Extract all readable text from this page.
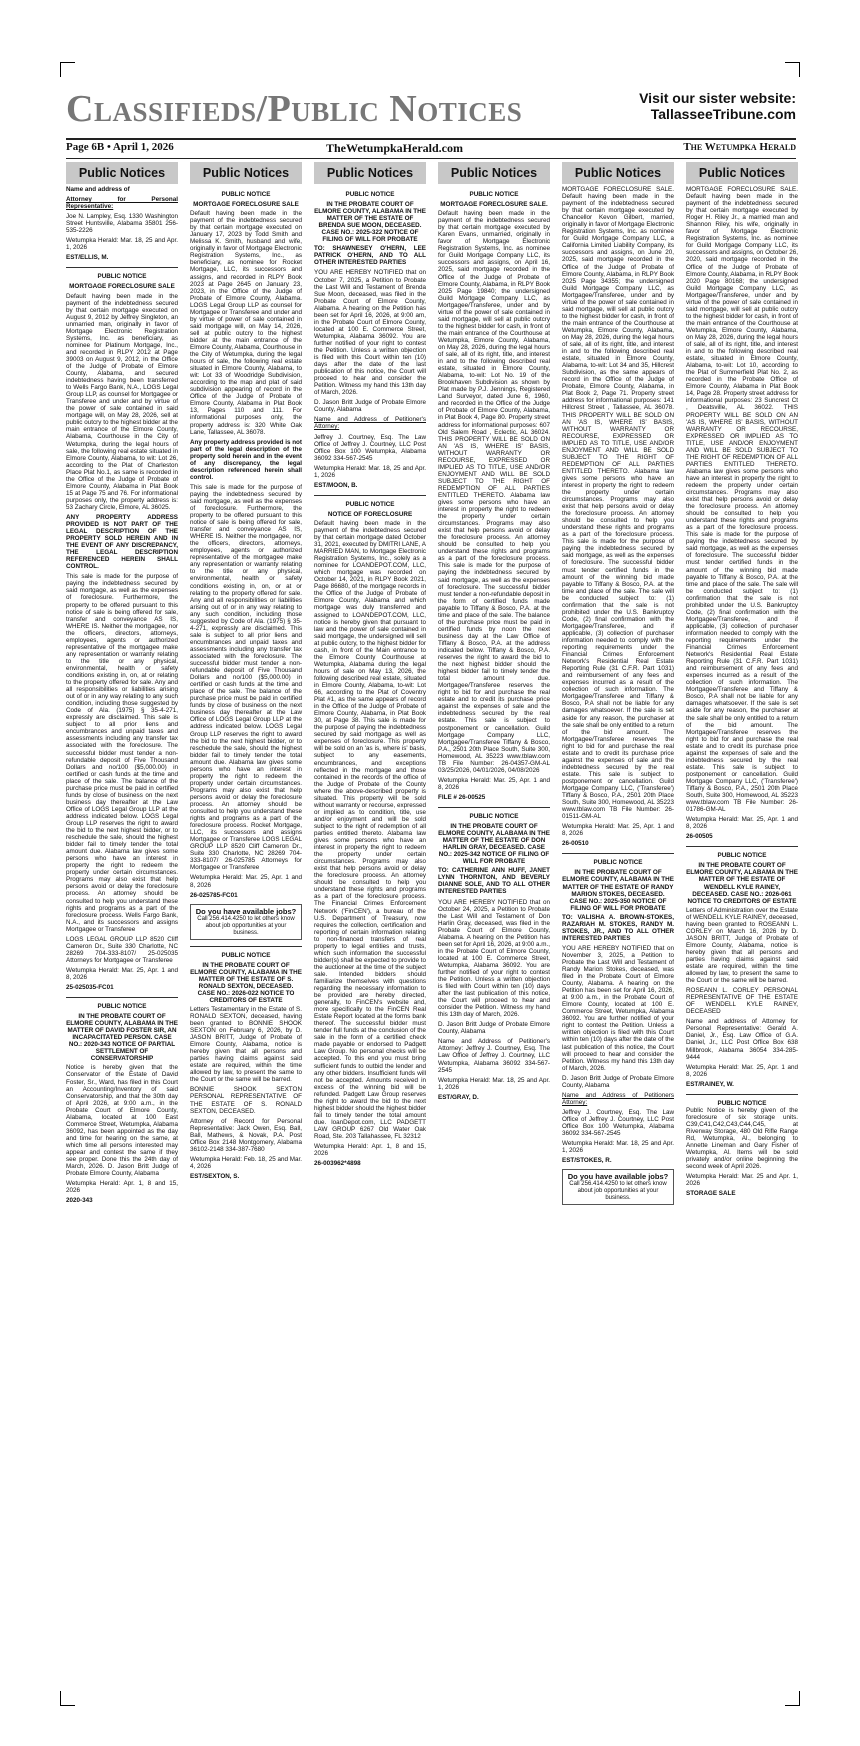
Classifieds/Public Notices	Visit our sister website:
TallasseeTribune.com
Page 6B • April 1, 2026	TheWetumpkaHerald.com	The Wetumpka Herald
Public Notices

Name and address of

Attorney for Personal Representative:

Joe N. Lampley, Esq. 1330 Washington Street Huntsville, Alabama 35801 256-535-2226

Wetumpka Herald: Mar. 18, 25 and Apr. 1, 2026

EST/ELLIS, M.

PUBLIC NOTICE
MORTGAGE FORECLOSURE SALE

Default having been made in the payment of the indebtedness secured by that certain mortgage executed on August 9, 2012 by Jeffrey Singleton, an unmarried man, originally in favor of Mortgage Electronic Registration Systems, Inc. as beneficiary, as nominee for Platinum Mortgage, Inc., and recorded in RLPY 2012 at Page 39003 on August 9, 2012, in the Office of the Judge of Probate of Elmore County, Alabama, and secured indebtedness having been transferred to Wells Fargo Bank, N.A., LOGS Legal Group LLP, as counsel for Mortgagee or Transferee and under and by virtue of the power of sale contained in said mortgage will, on May 28, 2026, sell at public outcry to the highest bidder at the main entrance of the Elmore County, Alabama, Courthouse in the City of Wetumpka, during the legal hours of sale, the following real estate situated in Elmore County, Alabama, to wit: Lot 26, according to the Plat of Charleston Place Plat No.1, as same is recorded in the Office of the Judge of Probate of Elmore County, Alabama in Plat Book 15 at Page 75 and 76. For informational purposes only, the property address is: 53 Zachary Circle, Elmore, AL 36025.

ANY PROPERTY ADDRESS PROVIDED IS NOT PART OF THE LEGAL DESCRIPTION OF THE PROPERTY SOLD HEREIN AND IN THE EVENT OF ANY DISCREPANCY, THE LEGAL DESCRIPTION REFERENCED HEREIN SHALL CONTROL.

This sale is made for the purpose of paying the indebtedness secured by said mortgage, as well as the expenses of foreclosure. Furthermore, the property to be offered pursuant to this notice of sale is being offered for sale, transfer and conveyance AS IS, WHERE IS. Neither the mortgagee, nor the officers, directors, attorneys, employees, agents or authorized representative of the mortgagee make any representation or warranty relating to the title or any physical, environmental, health or safety conditions existing in, on, at or relating to the property offered for sale. Any and all responsibilities or liabilities arising out of or in any way relating to any such condition, including those suggested by Code of Ala. (1975) § 35-4-271, expressly are disclaimed. This sale is subject to all prior liens and encumbrances and unpaid taxes and assessments including any transfer tax associated with the foreclosure. The successful bidder must tender a non-refundable deposit of Five Thousand Dollars and no/100 ($5,000.00) in certified or cash funds at the time and place of the sale. The balance of the purchase price must be paid in certified funds by close of business on the next business day thereafter at the Law Office of LOGS Legal Group LLP at the address indicated below. LOGS Legal Group LLP reserves the right to award the bid to the next highest bidder, or to reschedule the sale, should the highest bidder fail to timely tender the total amount due. Alabama law gives some persons who have an interest in property the right to redeem the property under certain circumstances. Programs may also exist that help persons avoid or delay the foreclosure process. An attorney should be consulted to help you understand these rights and programs as a part of the foreclosure process. Wells Fargo Bank, N.A., and its successors and assigns Mortgagee or Transferee

LOGS LEGAL GROUP LLP 8520 Cliff Cameron Dr., Suite 330 Charlotte, NC 28269 704-333-8107/ 25-025035 Attorneys for Mortgagee or Transferee

Wetumpka Herald: Mar. 25, Apr. 1 and 8, 2026

25-025035-FC01

PUBLIC NOTICE
IN THE PROBATE COURT OF ELMORE COUNTY, ALABAMA IN THE MATTER OF DAVID FOSTER SIR, AN INCAPACITATED PERSON. CASE NO.: 2020-343 NOTICE OF PARTIAL SETTLEMENT OF CONSERVATORSHIP

Notice is hereby given that the Conservator of the Estate of David Foster, Sr., Ward, has filed in this Court an Accounting/Inventory of said Conservatorship, and that the 30th day of April 2026, at 9:00 a.m., in the Probate Court of Elmore County, Alabama, located at 100 East Commerce Street, Wetumpka, Alabama 36092, has been appointed as the day and time for hearing on the same, at which time all persons interested may appear and contest the same if they see proper. Done this the 24th day of March, 2026. D. Jason Britt Judge of Probate Elmore County, Alabama

Wetumpka Herald: Apr. 1, 8 and 15, 2026

2020-343

Public Notices
PUBLIC NOTICE
MORTGAGE FORECLOSURE SALE

Default having been made in the payment of the indebtedness secured by that certain mortgage executed on January 17, 2023 by Todd Smith and Melissa K. Smith, husband and wife, originally in favor of Mortgage Electronic Registration Systems, Inc., as beneficiary, as nominee for Rocket Mortgage, LLC, its successors and assigns, and recorded in RLPY Book 2023 at Page 2645 on January 23, 2023, in the Office of the Judge of Probate of Elmore County, Alabama. LOGS Legal Group LLP as counsel for Mortgagee or Transferee and under and by virtue of power of sale contained in said mortgage will, on May 14, 2026, sell at public outcry to the highest bidder at the main entrance of the Elmore County, Alabama, Courthouse in the City of Wetumpka, during the legal hours of sale, the following real estate situated in Elmore County, Alabama, to wit: Lot 33 of Woodridge Subdivision, according to the map and plat of said subdivision appearing of record in the Office of the Judge of Probate of Elmore County, Alabama in Plat Book 13, Pages 110 and 111. For informational purposes only, the property address is: 320 White Oak Lane, Tallassee, AL 36078.

Any property address provided is not part of the legal description of the property sold herein and in the event of any discrepancy, the legal description referenced herein shall control.

This sale is made for the purpose of paying the indebtedness secured by said mortgage, as well as the expenses of foreclosure. Furthermore, the property to be offered pursuant to this notice of sale is being offered for sale, transfer and conveyance AS IS, WHERE IS. Neither the mortgagee, nor the officers, directors, attorneys, employees, agents or authorized representative of the mortgagee make any representation or warranty relating to the title or any physical, environmental, health or safety conditions existing in, on, or at or relating to the property offered for sale. Any and all responsibilities or liabilities arising out of or in any way relating to any such condition, including those suggested by Code of Ala. (1975) § 35-4-271, expressly are disclaimed. This sale is subject to all prior liens and encumbrances and unpaid taxes and assessments including any transfer tax associated with the foreclosure. The successful bidder must tender a non-refundable deposit of Five Thousand Dollars and no/100 ($5,000.00) in certified or cash funds at the time and place of the sale. The balance of the purchase price must be paid in certified funds by close of business on the next business day thereafter at the Law Office of LOGS Legal Group LLP at the address indicated below. LOGS Legal Group LLP reserves the right to award the bid to the next highest bidder, or to reschedule the sale, should the highest bidder fail to timely tender the total amount due. Alabama law gives some persons who have an interest in property the right to redeem the property under certain circumstances. Programs may also exist that help persons avoid or delay the foreclosure process. An attorney should be consulted to help you understand these rights and programs as a part of the foreclosure process. Rocket Mortgage, LLC, its successors and assigns Mortgagee or Transferee LOGS LEGAL GROUP LLP 8520 Cliff Cameron Dr., Suite 330 Charlotte, NC 28269 704-333-8107/ 26-025785 Attorneys for Mortgagee or Transferee

Wetumpka Herald: Mar. 25, Apr. 1 and 8, 2026

26-025785-FC01

Do you have available jobs?
Call 256.414.4250 to let others know about job opportunities at your business.
PUBLIC NOTICE
IN THE PROBATE COURT OF ELMORE COUNTY, ALABAMA IN THE MATTER OF THE ESTATE OF S. RONALD SEXTON, DECEASED. CASE NO.: 2026-022 NOTICE TO CREDITORS OF ESTATE

Letters Testamentary in the Estate of S. RONALD SEXTON, deceased, having been granted to BONNIE SHOOK SEXTON on February 6, 2026, by D. JASON BRITT, Judge of Probate of Elmore County, Alabama, notice is hereby given that all persons and parties having claims against said estate are required, within the time allowed by law, to present the same to the Court or the same will be barred.

BONNIE SHOOK SEXTON PERSONAL REPRESENTATIVE OF THE ESTATE OF S. RONALD SEXTON, DECEASED.

Attorney of Record for Personal Representative: Jack Owen, Esq. Ball, Ball, Mathews, & Novak, P.A. Post Office Box 2148 Montgomery, Alabama 36102-2148 334-387-7680

Wetumpka Herald: Feb. 18, 25 and Mar. 4, 2026

EST/SEXTON, S.

Public Notices
PUBLIC NOTICE
IN THE PROBATE COURT OF ELMORE COUNTY, ALABAMA IN THE MATTER OF THE ESTATE OF BRENDA SUE MOON, DECEASED. CASE NO.: 2025-322 NOTICE OF FILING OF WILL FOR PROBATE

TO: SHAWNESEY O'HERN, LEE PATRICK O'HERN, AND TO ALL OTHER INTERESTED PARTIES

YOU ARE HEREBY NOTIFIED that on October 7, 2025, a Petition to Probate the Last Will and Testament of Brenda Sue Moon, deceased, was filed in the Probate Court of Elmore County, Alabama. A hearing on the Petition has been set for April 16, 2026, at 9:00 am, in the Probate Court of Elmore County, located at 100 E. Commerce Street, Wetumpka, Alabama 36092. You are further notified of your right to contest the Petition. Unless a written objection is filed with this Court within ten (10) days after the date of the last publication of this notice, the Court will proceed to hear and consider the Petition. Witness my hand this 13th day of March, 2026.

D. Jason Britt Judge of Probate Elmore County, Alabama

Name and Address of Petitioner's Attorney:

Jeffrey J. Courtney, Esq. The Law Office of Jeffrey J. Courtney, LLC Post Office Box 100 Wetumpka, Alabama 36092 334-567-2545

Wetumpka Herald: Mar. 18, 25 and Apr. 1, 2026

EST/MOON, B.

PUBLIC NOTICE
NOTICE OF FORECLOSURE

Default having been made in the payment of the indebtedness secured by that certain mortgage dated October 31, 2021, executed by DMITRI LANE, A MARRIED MAN, to Mortgage Electronic Registration Systems, Inc., solely as a nominee for LOANDEPOT.COM, LLC, which mortgage was recorded on October 14, 2021, in RLPY Book 2021, Page 86680, of the mortgage records in the Office of the Judge of Probate of Elmore County, Alabama and which mortgage was duly transferred and assigned to LOANDEPOT.COM, LLC, notice is hereby given that pursuant to law and the power of sale contained in said mortgage, the undersigned will sell at public outcry, to the highest bidder for cash, in front of the Main entrance to the Elmore County Courthouse at Wetumpka, Alabama during the legal hours of sale on May 13, 2026, the following described real estate, situated in Elmore County, Alabama, to-wit: Lot 66, according to the Plat of Coventry Plat #1, as the same appears of record in the Office of the Judge of Probate of Elmore County, Alabama, in Plat Book 30, at Page 38. This sale is made for the purpose of paying the indebtedness secured by said mortgage as well as expenses of foreclosure. This property will be sold on an 'as is, where is' basis, subject to any easements, encumbrances, and exceptions reflected in the mortgage and those contained in the records of the office of the Judge of Probate of the County where the above-described property is situated. This property will be sold without warranty or recourse, expressed or implied as to condition, title, use and/or enjoyment and will be sold subject to the right of redemption of all parties entitled thereto. Alabama law gives some persons who have an interest in property the right to redeem the property under certain circumstances. Programs may also exist that help persons avoid or delay the foreclosure process. An attorney should be consulted to help you understand these rights and programs as a part of the foreclosure process. The Financial Crimes Enforcement Network ('FinCEN'), a bureau of the U.S. Department of Treasury, now requires the collection, certification and reporting of certain information relating to non-financed transfers of real property to legal entities and trusts, which such information the successful bidder(s) shall be expected to provide to the auctioneer at the time of the subject sale. Intended bidders should familiarize themselves with questions regarding the necessary information to be provided are hereby directed, generally, to FinCEN's website and, more specifically to the FinCEN Real Estate Report located at the forms bank thereof. The successful bidder must tender full funds at the conclusion of the sale in the form of a certified check made payable or endorsed to Padgett Law Group. No personal checks will be accepted. To this end you must bring sufficient funds to outbid the lender and any other bidders. Insufficient funds will not be accepted. Amounts received in excess of the winning bid will be refunded. Padgett Law Group reserves the right to award the bid to the next highest bidder should the highest bidder fail to timely tender the total amount due. loanDepot.com, LLC PADGETT LAW GROUP 6267 Old Water Oak Road, Ste. 203 Tallahassee, FL 32312

Wetumpka Herald: Apr. 1, 8 and 15, 2026

26-003962*4898

Public Notices
PUBLIC NOTICE
MORTGAGE FORECLOSURE SALE.

Default having been made in the payment of the indebtedness secured by that certain mortgage executed by Karen Evans, unmarried, originally in favor of Mortgage Electronic Registration Systems, Inc. as nominee for Guild Mortgage Company LLC, its successors and assigns, on April 16, 2025, said mortgage recorded in the Office of the Judge of Probate of Elmore County, Alabama, in RLPY Book 2025 Page 19840; the undersigned Guild Mortgage Company LLC, as Mortgagee/Transferee, under and by virtue of the power of sale contained in said mortgage, will sell at public outcry to the highest bidder for cash, in front of the main entrance of the Courthouse at Wetumpka, Elmore County, Alabama, on May 28, 2026, during the legal hours of sale, all of its right, title, and interest in and to the following described real estate, situated in Elmore County, Alabama, to-wit: Lot No. 19 of the Brookhaven Subdivision as shown by Plat made by P.J. Jennings, Registered Land Surveyor, dated June 6, 1960, and recorded in the Office of the Judge of Probate of Elmore County, Alabama, in Plat Book 4, Page 80. Property street address for informational purposes: 607 Old Salem Road , Eclectic, AL 36024. THIS PROPERTY WILL BE SOLD ON AN 'AS IS, WHERE IS' BASIS, WITHOUT WARRANTY OR RECOURSE, EXPRESSED OR IMPLIED AS TO TITLE, USE AND/OR ENJOYMENT AND WILL BE SOLD SUBJECT TO THE RIGHT OF REDEMPTION OF ALL PARTIES ENTITLED THERETO. Alabama law gives some persons who have an interest in property the right to redeem the property under certain circumstances. Programs may also exist that help persons avoid or delay the foreclosure process. An attorney should be consulted to help you understand these rights and programs as a part of the foreclosure process. This sale is made for the purpose of paying the indebtedness secured by said mortgage, as well as the expenses of foreclosure. The successful bidder must tender a non-refundable deposit in the form of certified funds made payable to Tiffany & Bosco, P.A. at the time and place of the sale. The balance of the purchase price must be paid in certified funds by noon the next business day at the Law Office of Tiffany & Bosco, P.A. at the address indicated below. Tiffany & Bosco, P.A. reserves the right to award the bid to the next highest bidder should the highest bidder fail to timely tender the total amount due. Mortgagee/Transferee reserves the right to bid for and purchase the real estate and to credit its purchase price against the expenses of sale and the indebtedness secured by the real estate. This sale is subject to postponement or cancellation. Guild Mortgage Company LLC, Mortgagee/Transferee Tiffany & Bosco, P.A., 2501 20th Place South, Suite 300, Homewood, AL 35223 www.tblaw.com TB File Number: 26-04357-GM-AL 03/25/2026, 04/01/2026, 04/08/2026

Wetumpka Herald: Mar. 25, Apr. 1 and 8, 2026

FILE # 26-00525

PUBLIC NOTICE
IN THE PROBATE COURT OF ELMORE COUNTY, ALABAMA IN THE MATTER OF THE ESTATE OF DON HARLIN GRAY, DECEASED. CASE NO.: 2025-342 NOTICE OF FILING OF WILL FOR PROBATE

TO: CATHERINE ANN HUFF, JANET LYNN THORNTON, AND BEVERLY DIANNE SOLE, AND TO ALL OTHER INTERESTED PARTIES

YOU ARE HEREBY NOTIFIED that on October 24, 2025, a Petition to Probate the Last Will and Testament of Don Harlin Gray, deceased, was filed in the Probate Court of Elmore County, Alabama. A hearing on the Petition has been set for April 16, 2026, at 9:00 a.m., in the Probate Court of Elmore County, located at 100 E. Commerce Street, Wetumpka, Alabama 36092. You are further notified of your right to contest the Petition. Unless a written objection is filed with Court within ten (10) days after the last publication of this notice, the Court will proceed to hear and consider the Petition. Witness my hand this 13th day of March, 2026.

D. Jason Britt Judge of Probate Elmore County, Alabama

Name and Address of Petitioner's Attorney: Jeffrey J. Courtney, Esq. The Law Office of Jeffrey J. Courtney, LLC Wetumpka, Alabama 36092 334-567-2545

Wetumpka Herald: Mar. 18, 25 and Apr. 1, 2026

EST/GRAY, D.

Public Notices

MORTGAGE FORECLOSURE SALE. Default having been made in the payment of the indebtedness secured by that certain mortgage executed by Chancellor Kevon Gilbert, married, originally in favor of Mortgage Electronic Registration Systems, Inc. as nominee for Guild Mortgage Company LLC, a California Limited Liability Company, its successors and assigns, on June 20, 2025, said mortgage recorded in the Office of the Judge of Probate of Elmore County, Alabama, in RLPY Book 2025 Page 34355; the undersigned Guild Mortgage Company LLC, as Mortgagee/Transferee, under and by virtue of the power of sale contained in said mortgage, will sell at public outcry to the highest bidder for cash, in front of the main entrance of the Courthouse at Wetumpka, Elmore County, Alabama, on May 28, 2026, during the legal hours of sale, all of its right, title, and interest in and to the following described real estate, situated in Elmore County, Alabama, to-wit: Lot 34 and 35, Hillcrest Subdivision, as the same appears of record in the Office of the Judge of Probate, Elmore County, Alabama, in Plat Book 2, Page 71. Property street address for informational purposes: 141 Hillcrest Street , Tallassee, AL 36078. THIS PROPERTY WILL BE SOLD ON AN 'AS IS, WHERE IS' BASIS, WITHOUT WARRANTY OR RECOURSE, EXPRESSED OR IMPLIED AS TO TITLE, USE AND/OR ENJOYMENT AND WILL BE SOLD SUBJECT TO THE RIGHT OF REDEMPTION OF ALL PARTIES ENTITLED THERETO. Alabama law gives some persons who have an interest in property the right to redeem the property under certain circumstances. Programs may also exist that help persons avoid or delay the foreclosure process. An attorney should be consulted to help you understand these rights and programs as a part of the foreclosure process. This sale is made for the purpose of paying the indebtedness secured by said mortgage, as well as the expenses of foreclosure. The successful bidder must tender certified funds in the amount of the winning bid made payable to Tiffany & Bosco, P.A. at the time and place of the sale. The sale will be conducted subject to: (1) confirmation that the sale is not prohibited under the U.S. Bankruptcy Code, (2) final confirmation with the Mortgagee/Transferee, and if applicable, (3) collection of purchaser information needed to comply with the reporting requirements under the Financial Crimes Enforcement Network's Residential Real Estate Reporting Rule (31 C.F.R. Part 1031) and reimbursement of any fees and expenses incurred as a result of the collection of such information. The Mortgagee/Transferee and Tiffany & Bosco, P.A shall not be liable for any damages whatsoever. If the sale is set aside for any reason, the purchaser at the sale shall be only entitled to a return of the bid amount. The Mortgagee/Transferee reserves the right to bid for and purchase the real estate and to credit its purchase price against the expenses of sale and the indebtedness secured by the real estate. This sale is subject to postponement or cancellation. Guild Mortgage Company LLC, ('Transferee') Tiffany & Bosco, P.A., 2501 20th Place South, Suite 300, Homewood, AL 35223 www.tblaw.com TB File Number: 26-01511-GM-AL

Wetumpka Herald: Mar. 25, Apr. 1 and 8, 2026

26-00510

PUBLIC NOTICE
IN THE PROBATE COURT OF ELMORE COUNTY, ALABAMA IN THE MATTER OF THE ESTATE OF RANDY MARION STOKES, DECEASED. CASE NO.: 2025-350 NOTICE OF FILING OF WILL FOR PROBATE

TO: VALISHA A. BROWN-STOKES, RAZARIAH M. STOKES, RANDY M. STOKES, JR., AND TO ALL OTHER INTERESTED PARTIES

YOU ARE HEREBY NOTIFIED that on November 3, 2025, a Petition to Probate the Last Will and Testament of Randy Marion Stokes, deceased, was filed in the Probate Court of Elmore County, Alabama. A hearing on the Petition has been set for April 16, 2026, at 9:00 a.m., in the Probate Court of Elmore County, located at 100 E. Commerce Street, Wetumpka, Alabama 36092. You are further notified of your right to contest the Petition. Unless a written objection is filed with this Court within ten (10) days after the date of the last publication of this notice, the Court will proceed to hear and consider the Petition. Witness my hand this 13th day of March, 2026.

D. Jason Britt Judge of Probate Elmore County, Alabama

Name and Address of Petitioners Attorney:

Jeffrey J. Courtney, Esq. The Law Office of Jeffrey J. Courtney, LLC Post Office Box 100 Wetumpka, Alabama 36092 334-567-2545

Wetumpka Herald: Mar. 18, 25 and Apr. 1, 2026

EST/STOKES, R.

Do you have available jobs?
Call 256.414.4250 to let others know about job opportunities at your business.
Public Notices

MORTGAGE FORECLOSURE SALE. Default having been made in the payment of the indebtedness secured by that certain mortgage executed by Roger H. Riley Jr., a married man and Shannon Riley, his wife, originally in favor of Mortgage Electronic Registration Systems, Inc. as nominee for Guild Mortgage Company LLC, its successors and assigns, on October 26, 2020, said mortgage recorded in the Office of the Judge of Probate of Elmore County, Alabama, in RLPY Book 2020 Page 80168; the undersigned Guild Mortgage Company LLC, as Mortgagee/Transferee, under and by virtue of the power of sale contained in said mortgage, will sell at public outcry to the highest bidder for cash, in front of the main entrance of the Courthouse at Wetumpka, Elmore County, Alabama, on May 28, 2026, during the legal hours of sale, all of its right, title, and interest in and to the following described real estate, situated in Elmore County, Alabama, to-wit: Lot 10, according to the Plat of Summerfield Plat No. 2, as recorded in the Probate Office of Elmore County, Alabama in Plat Book 14, Page 28. Property street address for informational purposes: 23 Suncrest Ct , Deatsville, AL 36022. THIS PROPERTY WILL BE SOLD ON AN 'AS IS, WHERE IS' BASIS, WITHOUT WARRANTY OR RECOURSE, EXPRESSED OR IMPLIED AS TO TITLE, USE AND/OR ENJOYMENT AND WILL BE SOLD SUBJECT TO THE RIGHT OF REDEMPTION OF ALL PARTIES ENTITLED THERETO. Alabama law gives some persons who have an interest in property the right to redeem the property under certain circumstances. Programs may also exist that help persons avoid or delay the foreclosure process. An attorney should be consulted to help you understand these rights and programs as a part of the foreclosure process. This sale is made for the purpose of paying the indebtedness secured by said mortgage, as well as the expenses of foreclosure. The successful bidder must tender certified funds in the amount of the winning bid made payable to Tiffany & Bosco, P.A. at the time and place of the sale. The sale will be conducted subject to: (1) confirmation that the sale is not prohibited under the U.S. Bankruptcy Code, (2) final confirmation with the Mortgagee/Transferee, and if applicable, (3) collection of purchaser information needed to comply with the reporting requirements under the Financial Crimes Enforcement Network's Residential Real Estate Reporting Rule (31 C.F.R. Part 1031) and reimbursement of any fees and expenses incurred as a result of the collection of such information. The Mortgagee/Transferee and Tiffany & Bosco, P.A shall not be liable for any damages whatsoever. If the sale is set aside for any reason, the purchaser at the sale shall be only entitled to a return of the bid amount. The Mortgagee/Transferee reserves the right to bid for and purchase the real estate and to credit its purchase price against the expenses of sale and the indebtedness secured by the real estate. This sale is subject to postponement or cancellation. Guild Mortgage Company LLC, ('Transferee') Tiffany & Bosco, P.A., 2501 20th Place South, Suite 300, Homewood, AL 35223 www.tblaw.com TB File Number: 26-01786-GM-AL

Wetumpka Herald: Mar. 25, Apr. 1 and 8, 2026

26-00505

PUBLIC NOTICE
IN THE PROBATE COURT OF ELMORE COUNTY, ALABAMA IN THE MATTER OF THE ESTATE OF WENDELL KYLE RAINEY, DECEASED. CASE NO.: 2026-061 NOTICE TO CREDITORS OF ESTATE

Letters of Administration over the Estate of WENDELL KYLE RAINEY, deceased, having been granted to ROSEANN L. CORLEY on March 16, 2026 by D. JASON BRITT, Judge of Probate of Elmore County, Alabama, notice is hereby given that all persons and parties having claims against said estate are required, within the time allowed by law, to present the same to the Court or the same will be barred.

ROSEANN L. CORLEY PERSONAL REPRESENTATIVE OF THE ESTATE OF WENDELL KYLE RAINEY, DECEASED

Name and address of Attorney for Personal Representative: Gerald A. Daniel, Jr., Esq. Law Office of G.A. Daniel, Jr., LLC Post Office Box 638 Millbrook, Alabama 36054 334-285-9444

Wetumpka Herald: Mar. 25, Apr. 1 and 8, 2026

EST/RAINEY, W.

PUBLIC NOTICE

Public Notice is hereby given of the foreclosure of six storage units. C39,C41,C42,C43,C44,C45, at Riverway Storage, 480 Old Rifle Range Rd, Wetumpka, Al., belonging to Annette Lineman and Gary Fisher of Wetumpka, Al. Items will be sold privately and/or online beginning the second week of April 2026.

Wetumpka Herald: Mar. 25 and Apr. 1, 2026

STORAGE SALE
